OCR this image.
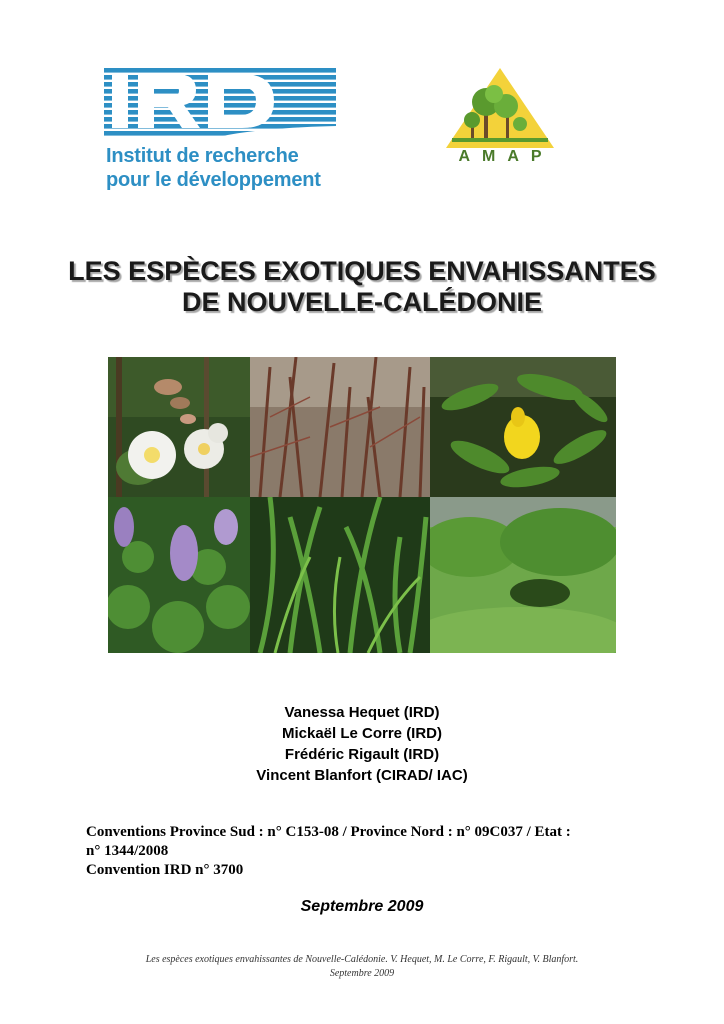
Institut de recherche
pour le développement
AMAP
LES ESPÈCES EXOTIQUES ENVAHISSANTES
DE NOUVELLE-CALÉDONIE
Vanessa Hequet (IRD)
Mickaël Le Corre (IRD)
Frédéric Rigault (IRD)
Vincent Blanfort (CIRAD/ IAC)
Conventions Province Sud : n° C153-08 / Province Nord : n° 09C037 / Etat :
n° 1344/2008
Convention IRD n° 3700
Septembre 2009
Les espèces exotiques envahissantes de Nouvelle-Calédonie. V. Hequet, M. Le Corre, F. Rigault, V. Blanfort.
Septembre 2009
